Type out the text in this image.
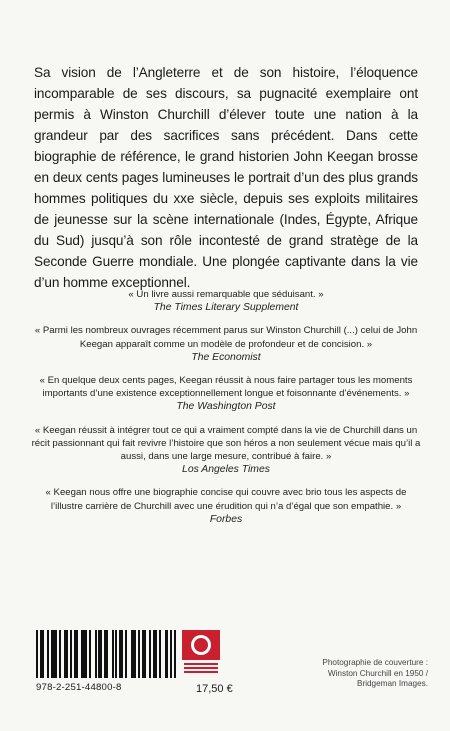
Sa vision de l’Angleterre et de son histoire, l’éloquence incomparable de ses discours, sa pugnacité exemplaire ont permis à Winston Churchill d’élever toute une nation à la grandeur par des sacrifices sans précédent. Dans cette biographie de référence, le grand historien John Keegan brosse en deux cents pages lumineuses le portrait d’un des plus grands hommes politiques du xxe siècle, depuis ses exploits militaires de jeunesse sur la scène internationale (Indes, Égypte, Afrique du Sud) jusqu’à son rôle incontesté de grand stratège de la Seconde Guerre mondiale. Une plongée captivante dans la vie d’un homme exceptionnel.
« Un livre aussi remarquable que séduisant. »
The Times Literary Supplement
« Parmi les nombreux ouvrages récemment parus sur Winston Churchill (...) celui de John Keegan apparaît comme un modèle de profondeur et de concision. »
The Economist
« En quelque deux cents pages, Keegan réussit à nous faire partager tous les moments importants d’une existence exceptionnellement longue et foisonnante d’événements. »
The Washington Post
« Keegan réussit à intégrer tout ce qui a vraiment compté dans la vie de Churchill dans un récit passionnant qui fait revivre l’histoire que son héros a non seulement vécue mais qu’il a aussi, dans une large mesure, contribué à faire. »
Los Angeles Times
« Keegan nous offre une biographie concise qui couvre avec brio tous les aspects de l’illustre carrière de Churchill avec une érudition qui n’a d’égal que son empathie. »
Forbes
978-2-251-44800-8	17,50 €
Photographie de couverture : Winston Churchill en 1950 / Bridgeman Images.
